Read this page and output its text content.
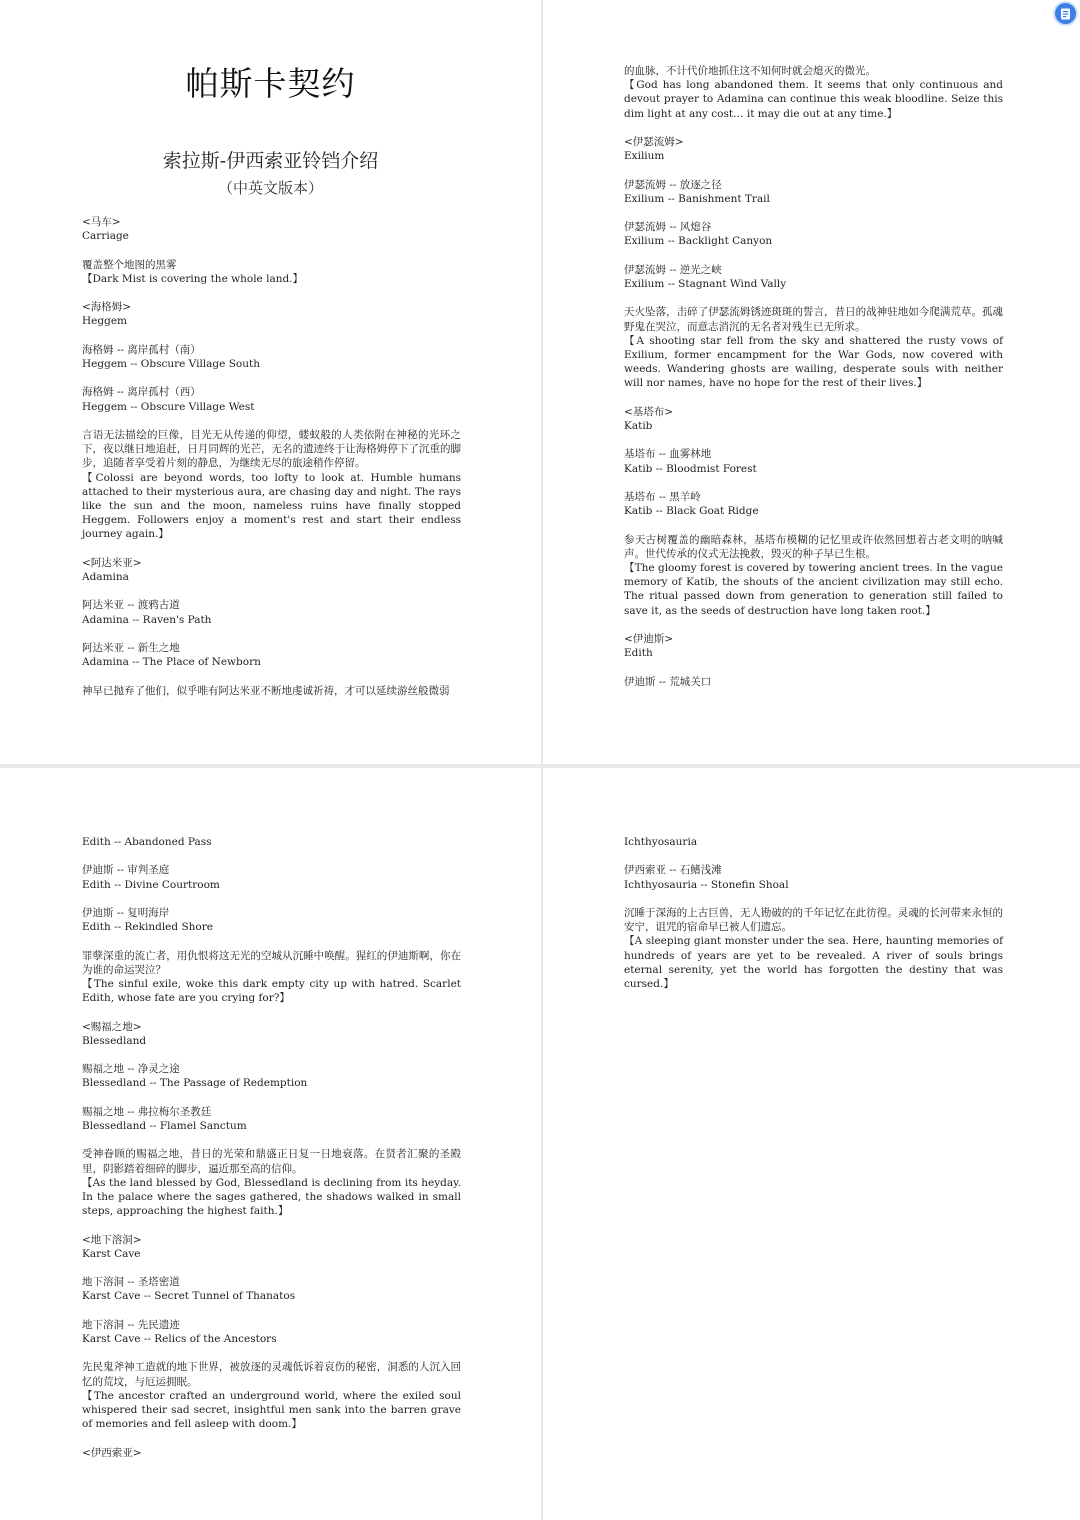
帕斯卡契约
索拉斯-伊西索亚铃铛介绍
（中英文版本）
<马车>
Carriage
覆盖整个地图的黑雾
【Dark Mist is covering the whole land.】
<海格姆>
Heggem
海格姆 -- 离岸孤村（南）
Heggem -- Obscure Village South
海格姆 -- 离岸孤村（西）
Heggem -- Obscure Village West
言语无法描绘的巨像，目光无从传递的仰望，蝼蚁般的人类依附在神秘的光环之下，夜以继日地追赶，日月同辉的光芒，无名的遗迹终于让海格姆停下了沉重的脚步，追随者享受着片刻的静息，为继续无尽的旅途稍作停留。
【Colossi are beyond words, too lofty to look at. Humble humans attached to their mysterious aura, are chasing day and night. The rays like the sun and the moon, nameless ruins have finally stopped Heggem. Followers enjoy a moment's rest and start their endless journey again.】
<阿达米亚>
Adamina
阿达米亚 -- 渡鸦古道
Adamina -- Raven's Path
阿达米亚 -- 新生之地
Adamina -- The Place of Newborn
神早已抛弃了他们，似乎唯有阿达米亚不断地虔诚祈祷，才可以延续游丝般微弱
的血脉，不计代价地抓住这不知何时就会熄灭的微光。
【God has long abandoned them. It seems that only continuous and devout prayer to Adamina can continue this weak bloodline. Seize this dim light at any cost… it may die out at any time.】
<伊瑟流姆>
Exilium
伊瑟流姆 -- 放逐之径
Exilium -- Banishment Trail
伊瑟流姆 -- 风熄谷
Exilium -- Backlight Canyon
伊瑟流姆 -- 逆光之峡
Exilium -- Stagnant Wind Vally
天火坠落，击碎了伊瑟流姆锈迹斑斑的誓言，昔日的战神驻地如今爬满荒草。孤魂野鬼在哭泣，而意志消沉的无名者对残生已无所求。
【A shooting star fell from the sky and shattered the rusty vows of Exilium, former encampment for the War Gods, now covered with weeds. Wandering ghosts are wailing, desperate souls with neither will nor names, have no hope for the rest of their lives.】
<基塔布>
Katib
基塔布 -- 血雾林地
Katib -- Bloodmist Forest
基塔布 -- 黑羊岭
Katib -- Black Goat Ridge
参天古树覆盖的幽暗森林，基塔布模糊的记忆里或许依然回想着古老文明的呐喊声。世代传承的仪式无法挽救，毁灭的种子早已生根。
【The gloomy forest is covered by towering ancient trees. In the vague memory of Katib, the shouts of the ancient civilization may still echo. The ritual passed down from generation to generation still failed to save it, as the seeds of destruction have long taken root.】
<伊迪斯>
Edith
伊迪斯 -- 荒城关口
Edith -- Abandoned Pass
伊迪斯 -- 审判圣庭
Edith -- Divine Courtroom
伊迪斯 -- 复明海岸
Edith -- Rekindled Shore
罪孽深重的流亡者，用仇恨将这无光的空城从沉睡中唤醒。猩红的伊迪斯啊，你在为谁的命运哭泣？
【The sinful exile, woke this dark empty city up with hatred. Scarlet Edith, whose fate are you crying for?】
<赐福之地>
Blessedland
赐福之地 -- 净灵之途
Blessedland -- The Passage of Redemption
赐福之地 -- 弗拉梅尔圣教廷
Blessedland -- Flamel Sanctum
受神眷顾的赐福之地，昔日的光荣和鼎盛正日复一日地衰落。在贤者汇聚的圣殿里，阴影踏着细碎的脚步，逼近那至高的信仰。
【As the land blessed by God, Blessedland is declining from its heyday. In the palace where the sages gathered, the shadows walked in small steps, approaching the highest faith.】
<地下溶洞>
Karst Cave
地下溶洞 -- 圣塔密道
Karst Cave -- Secret Tunnel of Thanatos
地下溶洞 -- 先民遗迹
Karst Cave -- Relics of the Ancestors
先民鬼斧神工造就的地下世界，被放逐的灵魂低诉着哀伤的秘密，洞悉的人沉入回忆的荒坟，与厄运拥眠。
【The ancestor crafted an underground world, where the exiled soul whispered their sad secret, insightful men sank into the barren grave of memories and fell asleep with doom.】
<伊西索亚>
Ichthyosauria
伊西索亚 -- 石鳍浅滩
Ichthyosauria -- Stonefin Shoal
沉睡于深海的上古巨兽，无人勘破的的千年记忆在此彷徨。灵魂的长河带来永恒的安宁，诅咒的宿命早已被人们遗忘。
【A sleeping giant monster under the sea. Here, haunting memories of hundreds of years are yet to be revealed. A river of souls brings eternal serenity, yet the world has forgotten the destiny that was cursed.】
